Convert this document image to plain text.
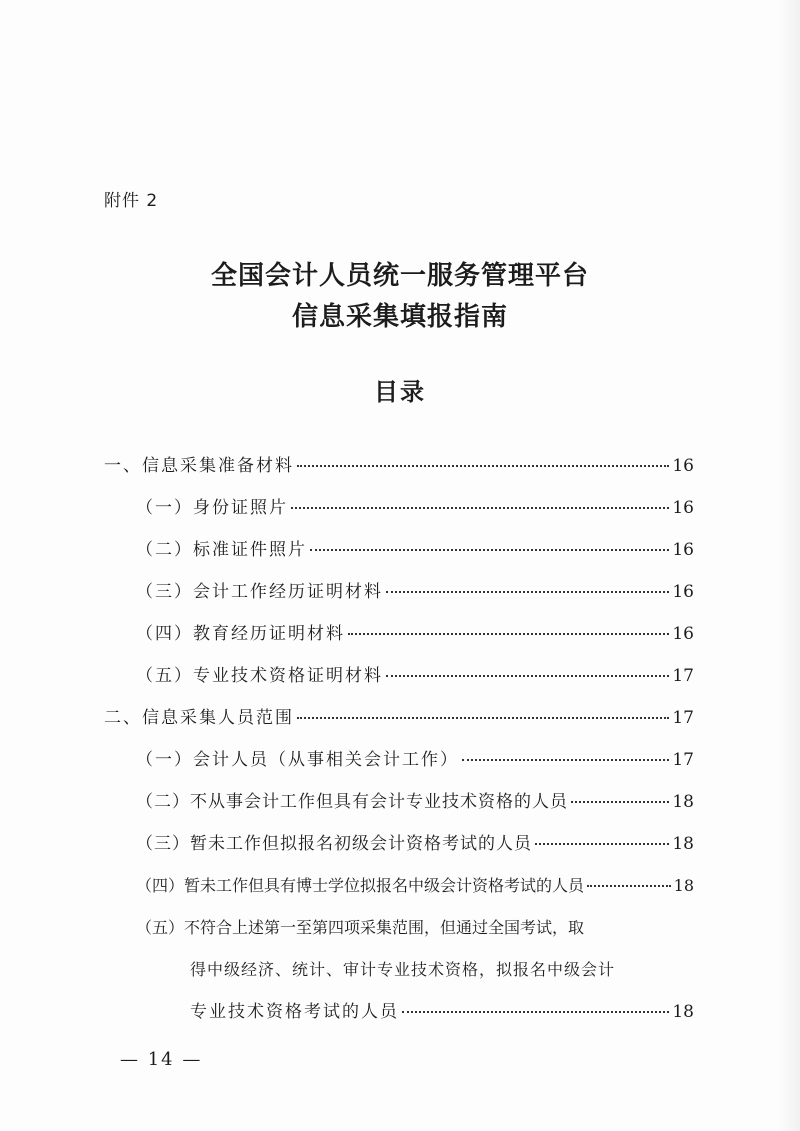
附件 2
全国会计人员统一服务管理平台
信息采集填报指南
目录
一、信息采集准备材料	16
（一）身份证照片	16
（二）标准证件照片	16
（三）会计工作经历证明材料	16
（四）教育经历证明材料	16
（五）专业技术资格证明材料	17
二、信息采集人员范围	17
（一）会计人员（从事相关会计工作）	17
（二）不从事会计工作但具有会计专业技术资格的人员	18
（三）暂未工作但拟报名初级会计资格考试的人员	18
（四）暂未工作但具有博士学位拟报名中级会计资格考试的人员	18
（五）不符合上述第一至第四项采集范围，但通过全国考试，取
得中级经济、统计、审计专业技术资格，拟报名中级会计
专业技术资格考试的人员	18
— 14 —
